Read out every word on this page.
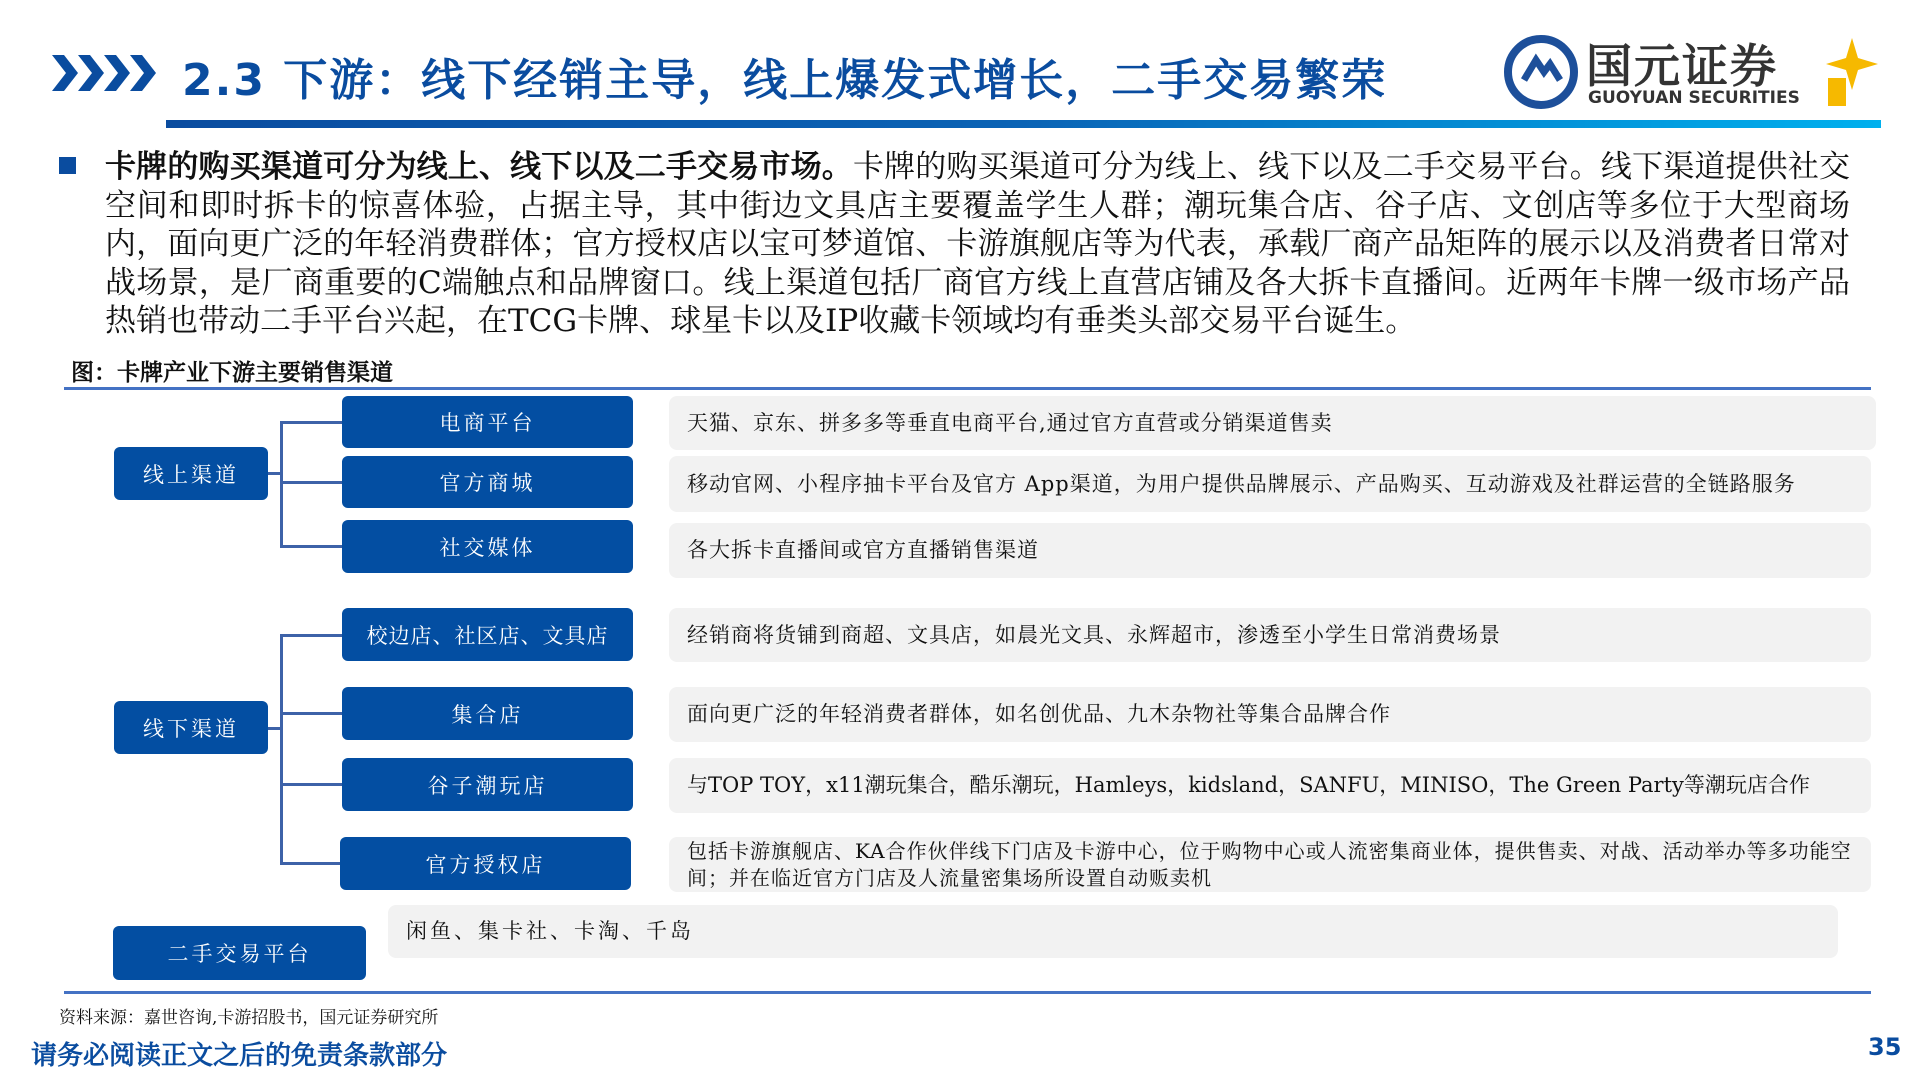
2.3 下游：线下经销主导，线上爆发式增长，二手交易繁荣	国元证券
GUOYUAN SECURITIES
卡牌的购买渠道可分为线上、线下以及二手交易市场。卡牌的购买渠道可分为线上、线下以及二手交易平台。线下渠道提供社交空间和即时拆卡的惊喜体验，占据主导，其中街边文具店主要覆盖学生人群；潮玩集合店、谷子店、文创店等多位于大型商场内，面向更广泛的年轻消费群体；官方授权店以宝可梦道馆、卡游旗舰店等为代表，承载厂商产品矩阵的展示以及消费者日常对战场景，是厂商重要的C端触点和品牌窗口。线上渠道包括厂商官方线上直营店铺及各大拆卡直播间。近两年卡牌一级市场产品热销也带动二手平台兴起，在TCG卡牌、球星卡以及IP收藏卡领域均有垂类头部交易平台诞生。
图：卡牌产业下游主要销售渠道
线上渠道
线下渠道
二手交易平台
电商平台
官方商城
社交媒体
校边店、社区店、文具店
集合店
谷子潮玩店
官方授权店
天猫、京东、拼多多等垂直电商平台,通过官方直营或分销渠道售卖
移动官网、小程序抽卡平台及官方 App渠道，为用户提供品牌展示、产品购买、互动游戏及社群运营的全链路服务
各大拆卡直播间或官方直播销售渠道
经销商将货铺到商超、文具店，如晨光文具、永辉超市，渗透至小学生日常消费场景
面向更广泛的年轻消费者群体，如名创优品、九木杂物社等集合品牌合作
与TOP TOY，x11潮玩集合，酷乐潮玩，Hamleys，kidsland，SANFU，MINISO，The Green Party等潮玩店合作
包括卡游旗舰店、KA合作伙伴线下门店及卡游中心，位于购物中心或人流密集商业体，提供售卖、对战、活动举办等多功能空间；并在临近官方门店及人流量密集场所设置自动贩卖机
闲鱼、集卡社、卡淘、千岛
资料来源：嘉世咨询,卡游招股书，国元证券研究所
请务必阅读正文之后的免责条款部分	35
